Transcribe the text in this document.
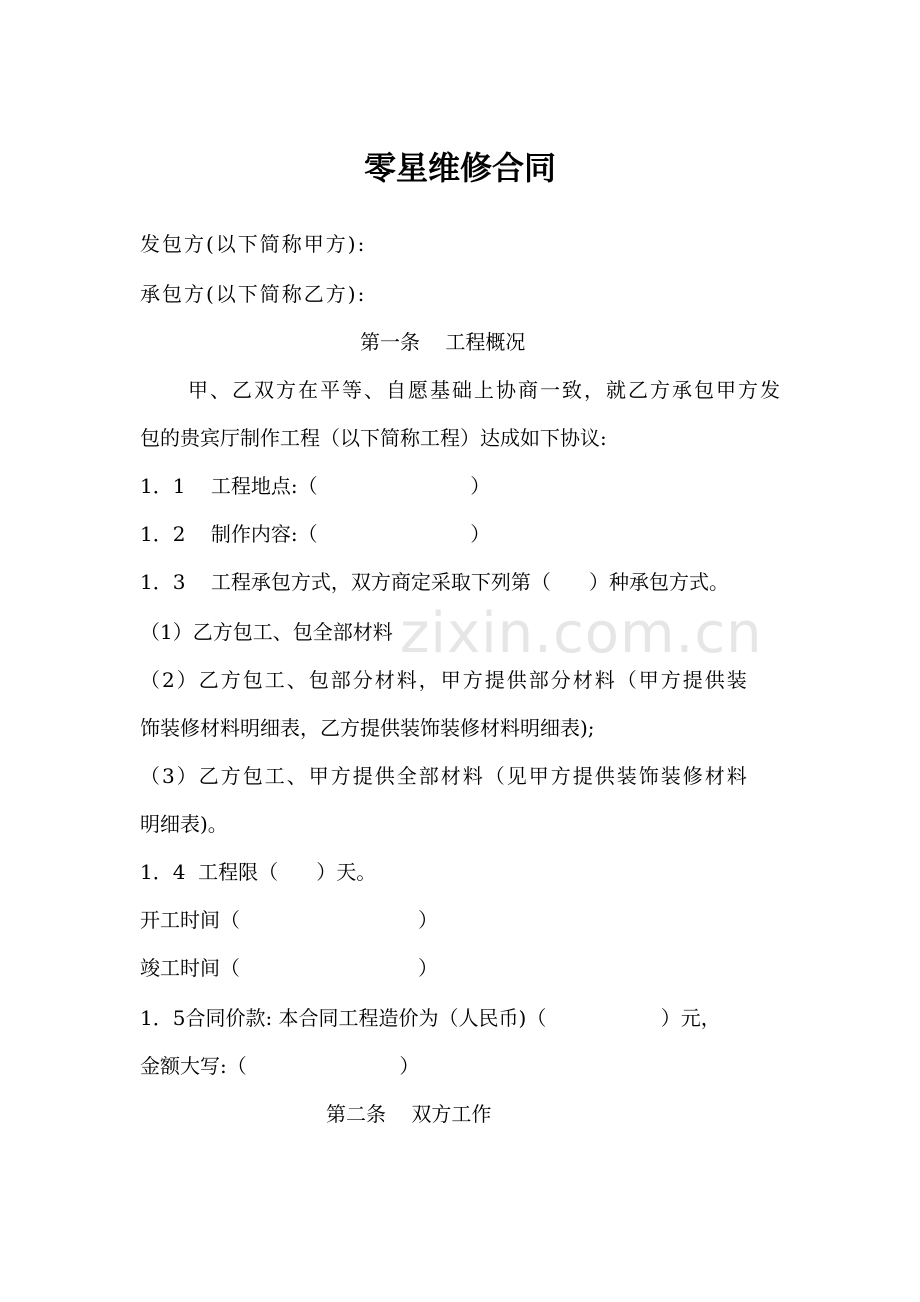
zixin.com.cn
零星维修合同
发包方(以下简称甲方):
承包方(以下简称乙方):
第一条    工程概况
甲、乙双方在平等、自愿基础上协商一致，就乙方承包甲方发
包的贵宾厅制作工程（以下简称工程）达成如下协议:
1．1    工程地点:（                        ）
1．2    制作内容:（                        ）
1．3    工程承包方式，双方商定采取下列第（      ）种承包方式。
（1）乙方包工、包全部材料
（2）乙方包工、包部分材料，甲方提供部分材料（甲方提供装
饰装修材料明细表，乙方提供装饰装修材料明细表);
（3）乙方包工、甲方提供全部材料（见甲方提供装饰装修材料
明细表)。
1．4  工程限（      ）天。
开工时间（                            ）
竣工时间（                            ）
1．5合同价款: 本合同工程造价为（人民币)（                  ）元，
金额大写:（                        ）
第二条    双方工作
